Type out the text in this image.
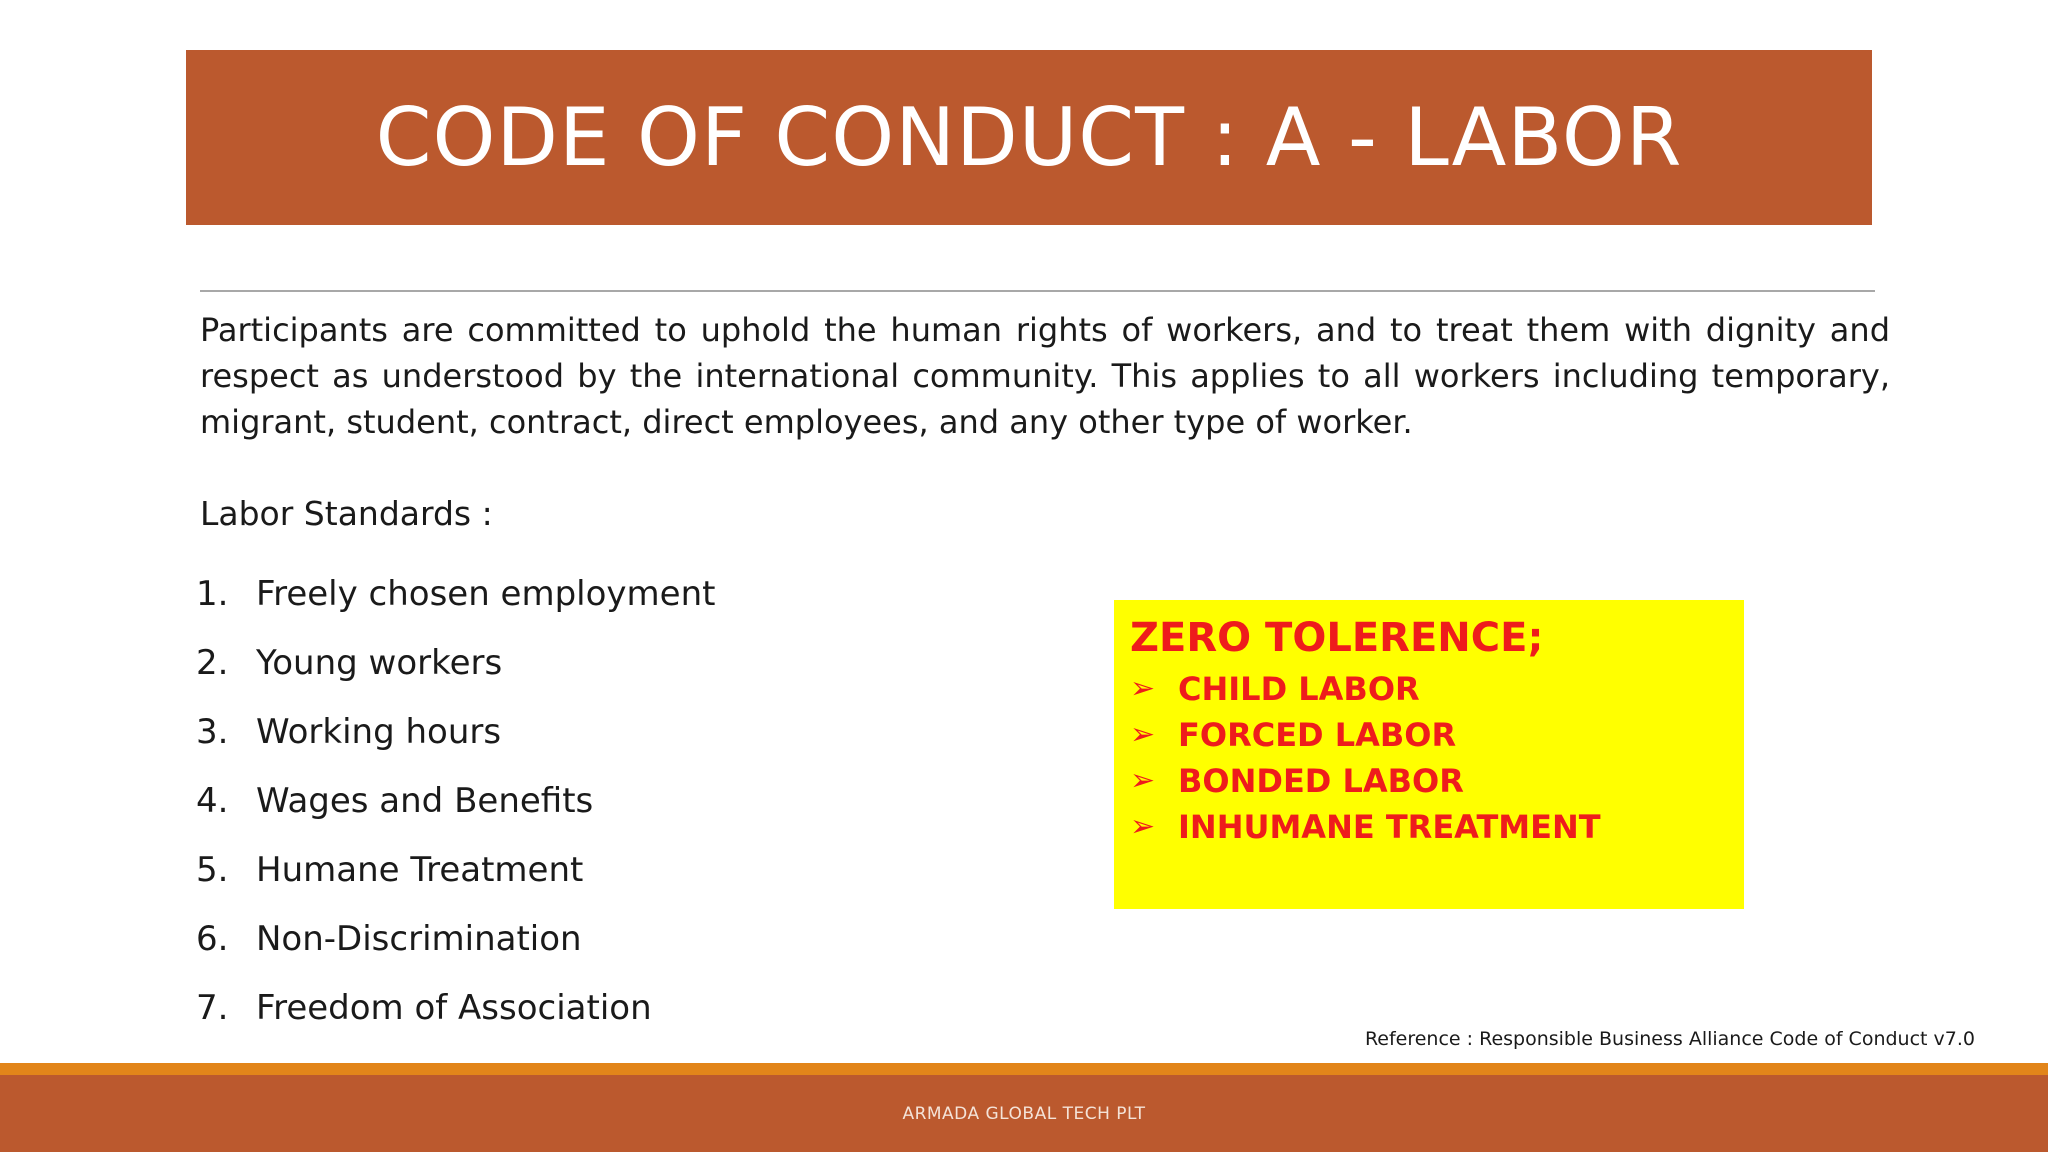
CODE OF CONDUCT : A - LABOR
Participants are committed to uphold the human rights of workers, and to treat them with dignity and respect as understood by the international community. This applies to all workers including temporary, migrant, student, contract, direct employees, and any other type of worker.
Labor Standards :
1. Freely chosen employment
2. Young workers
3. Working hours
4. Wages and Benefits
5. Humane Treatment
6. Non-Discrimination
7. Freedom of Association
ZERO TOLERENCE;
➢ CHILD LABOR
➢ FORCED LABOR
➢ BONDED LABOR
➢ INHUMANE TREATMENT
Reference : Responsible Business Alliance Code of Conduct v7.0
ARMADA GLOBAL TECH PLT
